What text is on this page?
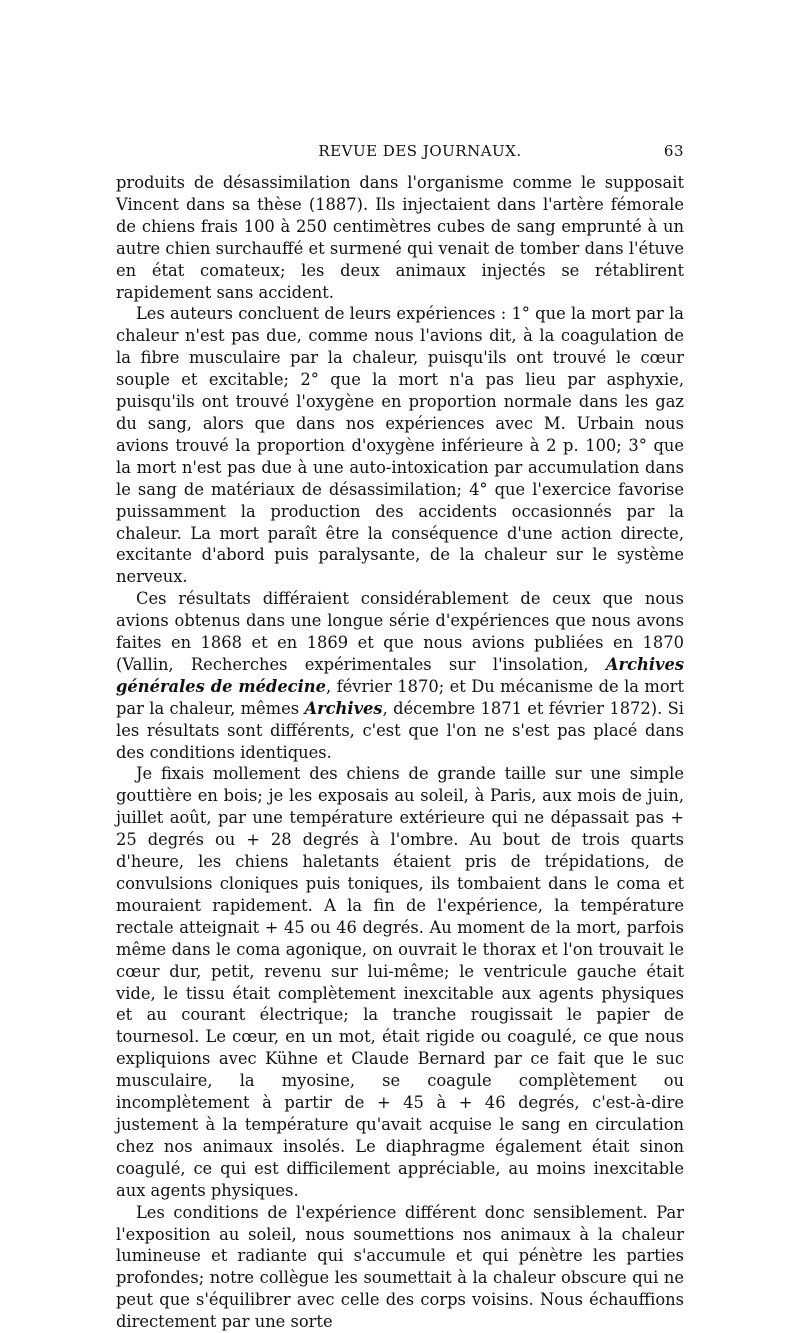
REVUE DES JOURNAUX.	63

produits de désassimilation dans l'organisme comme le supposait Vincent dans sa thèse (1887). Ils injectaient dans l'artère fémorale de chiens frais 100 à 250 centimètres cubes de sang emprunté à un autre chien surchauffé et surmené qui venait de tomber dans l'étuve en état comateux; les deux animaux injectés se rétablirent rapidement sans accident.

Les auteurs concluent de leurs expériences : 1° que la mort par la chaleur n'est pas due, comme nous l'avions dit, à la coagulation de la fibre musculaire par la chaleur, puisqu'ils ont trouvé le cœur souple et excitable; 2° que la mort n'a pas lieu par asphyxie, puisqu'ils ont trouvé l'oxygène en proportion normale dans les gaz du sang, alors que dans nos expériences avec M. Urbain nous avions trouvé la proportion d'oxygène inférieure à 2 p. 100; 3° que la mort n'est pas due à une auto-intoxication par accumulation dans le sang de matériaux de désassimilation; 4° que l'exercice favorise puissamment la production des accidents occasionnés par la chaleur. La mort paraît être la conséquence d'une action directe, excitante d'abord puis paralysante, de la chaleur sur le système nerveux.

Ces résultats différaient considérablement de ceux que nous avions obtenus dans une longue série d'expériences que nous avons faites en 1868 et en 1869 et que nous avions publiées en 1870 (Vallin, Recherches expérimentales sur l'insolation, Archives générales de médecine, février 1870; et Du mécanisme de la mort par la chaleur, mêmes Archives, décembre 1871 et février 1872). Si les résultats sont différents, c'est que l'on ne s'est pas placé dans des conditions identiques.

Je fixais mollement des chiens de grande taille sur une simple gouttière en bois; je les exposais au soleil, à Paris, aux mois de juin, juillet août, par une température extérieure qui ne dépassait pas + 25 degrés ou + 28 degrés à l'ombre. Au bout de trois quarts d'heure, les chiens haletants étaient pris de trépidations, de convulsions cloniques puis toniques, ils tombaient dans le coma et mouraient rapidement. A la fin de l'expérience, la température rectale atteignait + 45 ou 46 degrés. Au moment de la mort, parfois même dans le coma agonique, on ouvrait le thorax et l'on trouvait le cœur dur, petit, revenu sur lui-même; le ventricule gauche était vide, le tissu était complètement inexcitable aux agents physiques et au courant électrique; la tranche rougissait le papier de tournesol. Le cœur, en un mot, était rigide ou coagulé, ce que nous expliquions avec Kühne et Claude Bernard par ce fait que le suc musculaire, la myosine, se coagule complètement ou incomplètement à partir de + 45 à + 46 degrés, c'est-à-dire justement à la température qu'avait acquise le sang en circulation chez nos animaux insolés. Le diaphragme également était sinon coagulé, ce qui est difficilement appréciable, au moins inexcitable aux agents physiques.

Les conditions de l'expérience différent donc sensiblement. Par l'exposition au soleil, nous soumettions nos animaux à la chaleur lumineuse et radiante qui s'accumule et qui pénètre les parties profondes; notre collègue les soumettait à la chaleur obscure qui ne peut que s'équilibrer avec celle des corps voisins. Nous échauffions directement par une sorte
